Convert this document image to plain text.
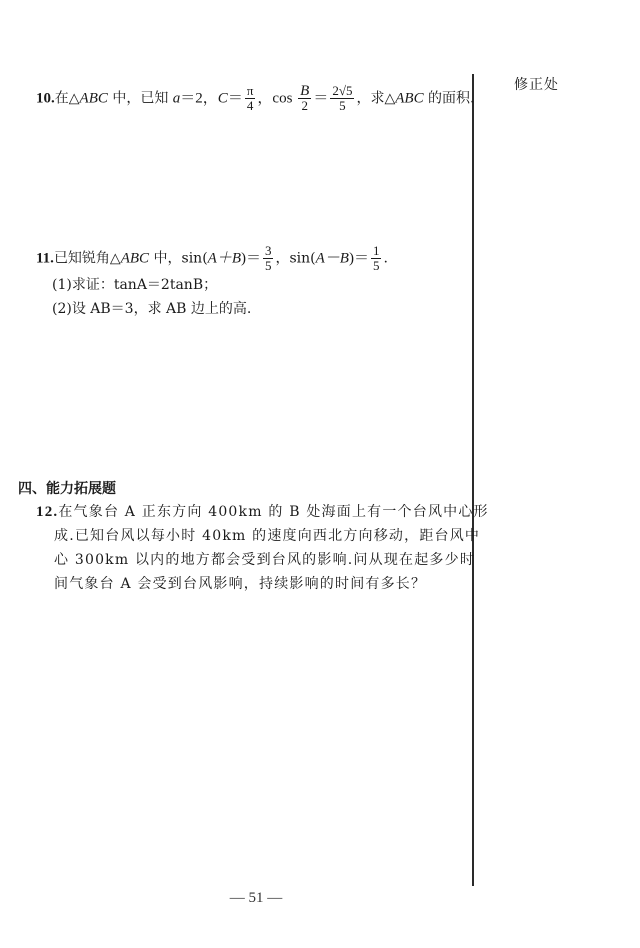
修正处
10.在△ABC 中，已知 a＝2，$C= \frac{\pi}{4}$ ，$\cos \frac{B}{2} = \frac{2√5}{5}$ ，求△ABC 的面积.
11.已知锐角△ABC 中，$\sin(A+B)= \frac{3}{5}$ ，$\sin(A-B)= \frac{1}{5}$ .
(1)求证：tanA＝2tanB；
(2)设 AB＝3，求 AB 边上的高.
四、能力拓展题
12.在气象台 A 正东方向 400km 的 B 处海面上有一个台风中心形
成.已知台风以每小时 40km 的速度向西北方向移动，距台风中
心 300km 以内的地方都会受到台风的影响.问从现在起多少时
间气象台 A 会受到台风影响，持续影响的时间有多长？
— 51 —
